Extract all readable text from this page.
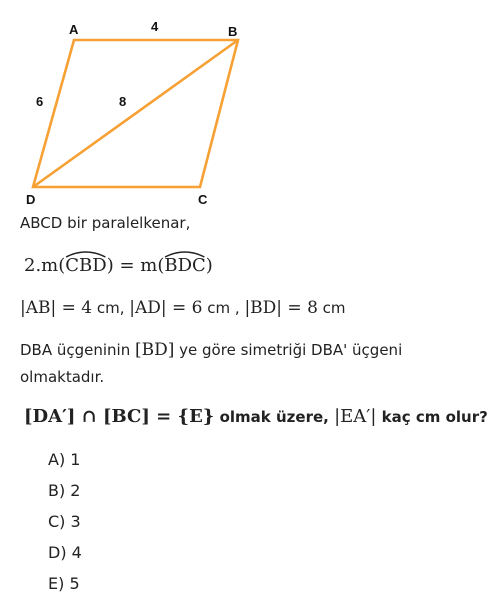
A	B
C
D
4
6	8
ABCD bir paralelkenar,
2.m(
CBD) = m(
BDC)
|AB| = 4 cm, |AD| = 6 cm , |BD| = 8 cm
DBA üçgeninin [BD] ye göre simetriği DBA' üçgeni
olmaktadır.
[DA′] ∩ [BC] = {E} olmak üzere, |EA′| kaç cm olur?
A) 1
B) 2
C) 3
D) 4
E) 5
